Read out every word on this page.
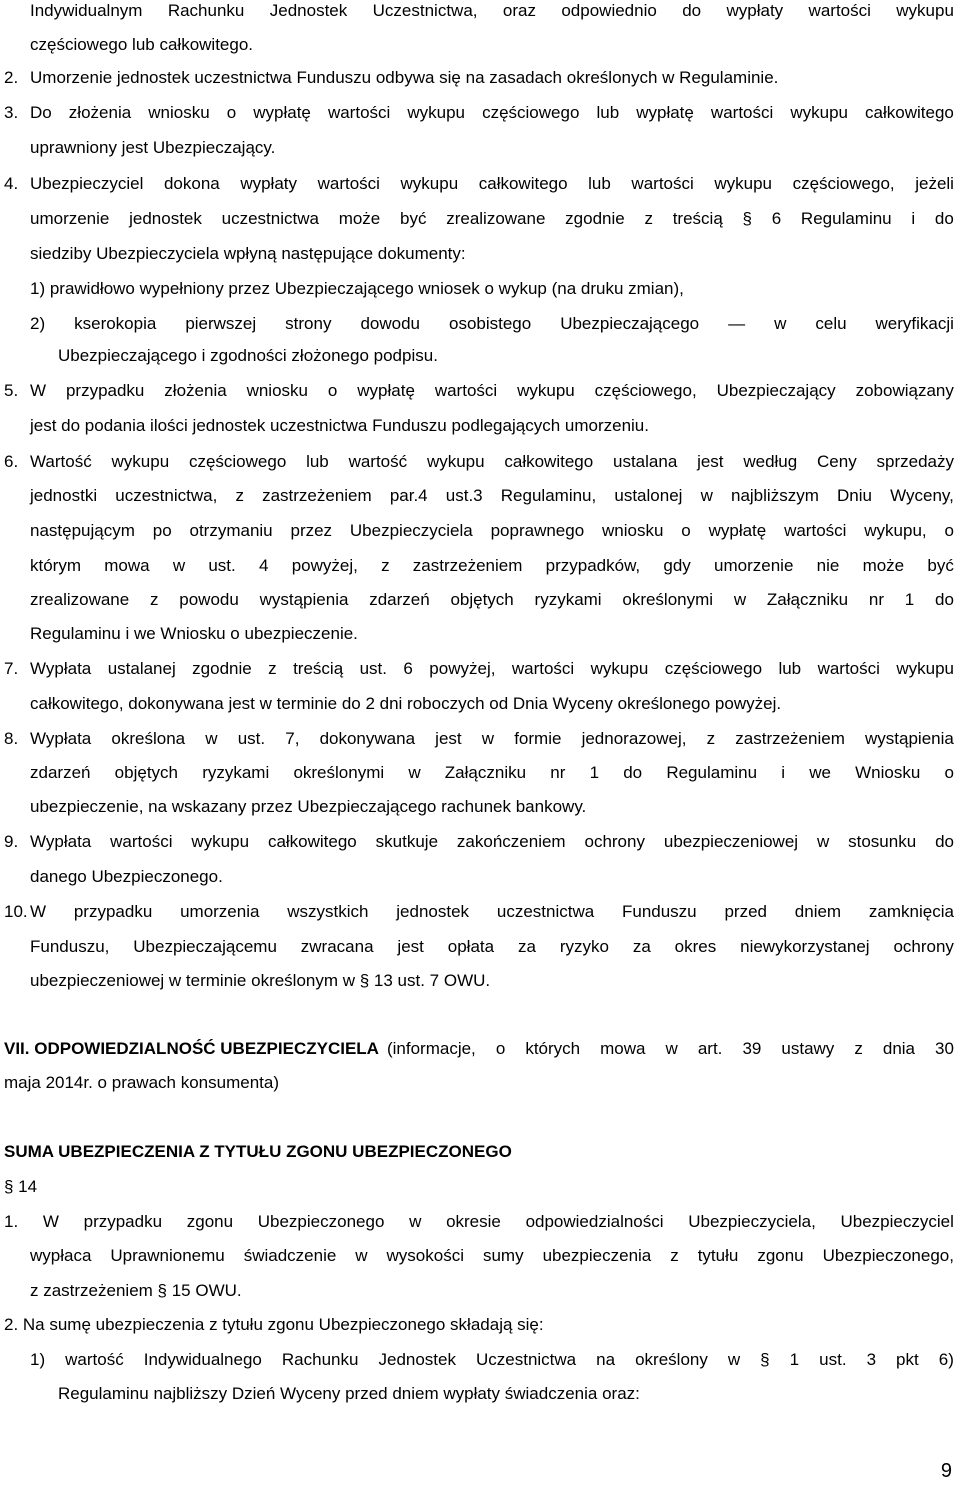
Indywidualnym Rachunku Jednostek Uczestnictwa, oraz odpowiednio do wypłaty wartości wykupu
częściowego lub całkowitego.
2. Umorzenie jednostek uczestnictwa Funduszu odbywa się na zasadach określonych w Regulaminie.
3. Do złożenia wniosku o wypłatę wartości wykupu częściowego lub wypłatę wartości wykupu całkowitego
uprawniony jest Ubezpieczający.
4. Ubezpieczyciel dokona wypłaty wartości wykupu całkowitego lub wartości wykupu częściowego, jeżeli
umorzenie jednostek uczestnictwa może być zrealizowane zgodnie z treścią § 6 Regulaminu i do
siedziby Ubezpieczyciela wpłyną następujące dokumenty:
1) prawidłowo wypełniony przez Ubezpieczającego wniosek o wykup (na druku zmian),
2) kserokopia pierwszej strony dowodu osobistego Ubezpieczającego — w celu weryfikacji
Ubezpieczającego i zgodności złożonego podpisu.
5. W przypadku złożenia wniosku o wypłatę wartości wykupu częściowego, Ubezpieczający zobowiązany
jest do podania ilości jednostek uczestnictwa Funduszu podlegających umorzeniu.
6. Wartość wykupu częściowego lub wartość wykupu całkowitego ustalana jest według Ceny sprzedaży
jednostki uczestnictwa, z zastrzeżeniem par.4 ust.3 Regulaminu, ustalonej w najbliższym Dniu Wyceny,
następującym po otrzymaniu przez Ubezpieczyciela poprawnego wniosku o wypłatę wartości wykupu, o
którym mowa w ust. 4 powyżej, z zastrzeżeniem przypadków, gdy umorzenie nie może być
zrealizowane z powodu wystąpienia zdarzeń objętych ryzykami określonymi w Załączniku nr 1 do
Regulaminu i we Wniosku o ubezpieczenie.
7. Wypłata ustalanej zgodnie z treścią ust. 6 powyżej, wartości wykupu częściowego lub wartości wykupu
całkowitego, dokonywana jest w terminie do 2 dni roboczych od Dnia Wyceny określonego powyżej.
8. Wypłata określona w ust. 7, dokonywana jest w formie jednorazowej, z zastrzeżeniem wystąpienia
zdarzeń objętych ryzykami określonymi w Załączniku nr 1 do Regulaminu i we Wniosku o
ubezpieczenie, na wskazany przez Ubezpieczającego rachunek bankowy.
9. Wypłata wartości wykupu całkowitego skutkuje zakończeniem ochrony ubezpieczeniowej w stosunku do
danego Ubezpieczonego.
10. W przypadku umorzenia wszystkich jednostek uczestnictwa Funduszu przed dniem zamknięcia
Funduszu, Ubezpieczającemu zwracana jest opłata za ryzyko za okres niewykorzystanej ochrony
ubezpieczeniowej w terminie określonym w § 13 ust. 7 OWU.
VII. ODPOWIEDZIALNOŚĆ UBEZPIECZYCIELA (informacje, o których mowa w art. 39 ustawy z dnia 30
maja 2014r. o prawach konsumenta)
SUMA UBEZPIECZENIA Z TYTUŁU ZGONU UBEZPIECZONEGO
§ 14
1. W przypadku zgonu Ubezpieczonego w okresie odpowiedzialności Ubezpieczyciela, Ubezpieczyciel
wypłaca Uprawnionemu świadczenie w wysokości sumy ubezpieczenia z tytułu zgonu Ubezpieczonego,
z zastrzeżeniem § 15 OWU.
2. Na sumę ubezpieczenia z tytułu zgonu Ubezpieczonego składają się:
1) wartość Indywidualnego Rachunku Jednostek Uczestnictwa na określony w § 1 ust. 3 pkt 6)
Regulaminu najbliższy Dzień Wyceny przed dniem wypłaty świadczenia oraz:
9
